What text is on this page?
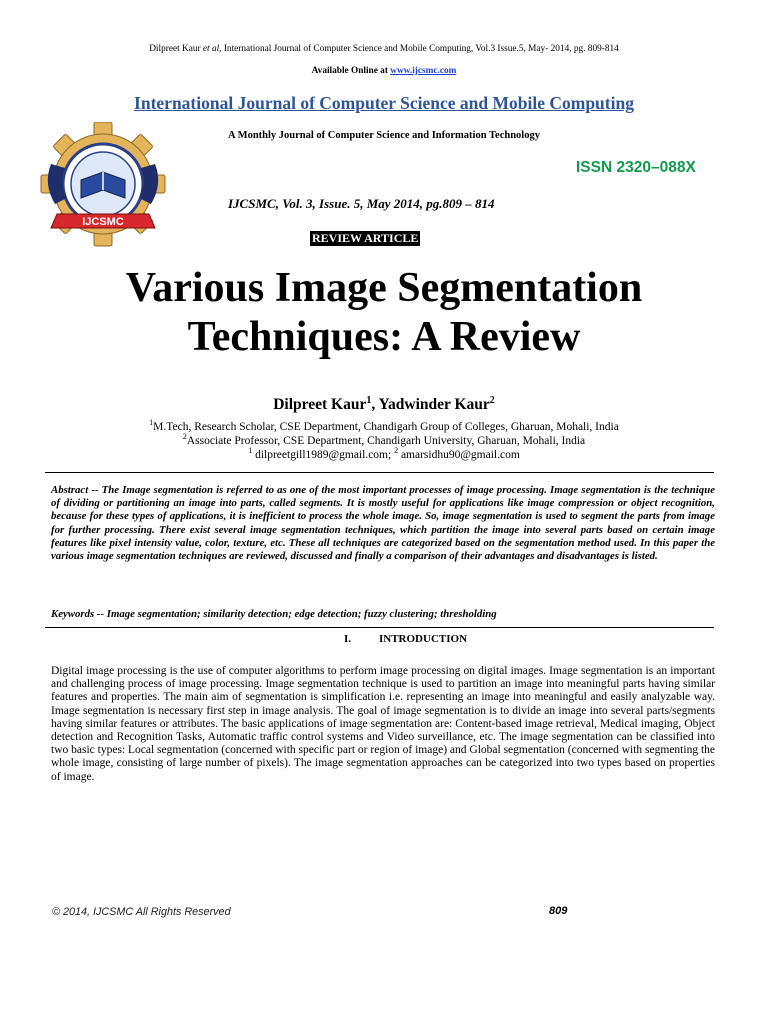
Dilpreet Kaur et al, International Journal of Computer Science and Mobile Computing, Vol.3 Issue.5, May- 2014, pg. 809-814
Available Online at www.ijcsmc.com
International Journal of Computer Science and Mobile Computing
A Monthly Journal of Computer Science and Information Technology
IJCSMC
ISSN 2320–088X
IJCSMC, Vol. 3, Issue. 5, May 2014, pg.809 – 814
REVIEW ARTICLE
Various Image Segmentation
Techniques: A Review
Dilpreet Kaur$^1$, Yadwinder Kaur$^2$
$^1$M.Tech, Research Scholar, CSE Department, Chandigarh Group of Colleges, Gharuan, Mohali, India
$^2$Associate Professor, CSE Department, Chandigarh University, Gharuan, Mohali, India
$^1$ dilpreetgill1989@gmail.com; $^2$ amarsidhu90@gmail.com
Abstract -- The Image segmentation is referred to as one of the most important processes of image processing. Image segmentation is the technique of dividing or partitioning an image into parts, called segments. It is mostly useful for applications like image compression or object recognition, because for these types of applications, it is inefficient to process the whole image. So, image segmentation is used to segment the parts from image for further processing. There exist several image segmentation techniques, which partition the image into several parts based on certain image features like pixel intensity value, color, texture, etc. These all techniques are categorized based on the segmentation method used. In this paper the various image segmentation techniques are reviewed, discussed and finally a comparison of their advantages and disadvantages is listed.
Keywords -- Image segmentation; similarity detection; edge detection; fuzzy clustering; thresholding
I.	INTRODUCTION
Digital image processing is the use of computer algorithms to perform image processing on digital images. Image segmentation is an important and challenging process of image processing. Image segmentation technique is used to partition an image into meaningful parts having similar features and properties. The main aim of segmentation is simplification i.e. representing an image into meaningful and easily analyzable way. Image segmentation is necessary first step in image analysis. The goal of image segmentation is to divide an image into several parts/segments having similar features or attributes. The basic applications of image segmentation are: Content-based image retrieval, Medical imaging, Object detection and Recognition Tasks, Automatic traffic control systems and Video surveillance, etc. The image segmentation can be classified into two basic types: Local segmentation (concerned with specific part or region of image) and Global segmentation (concerned with segmenting the whole image, consisting of large number of pixels). The image segmentation approaches can be categorized into two types based on properties of image.
© 2014, IJCSMC All Rights Reserved	809
